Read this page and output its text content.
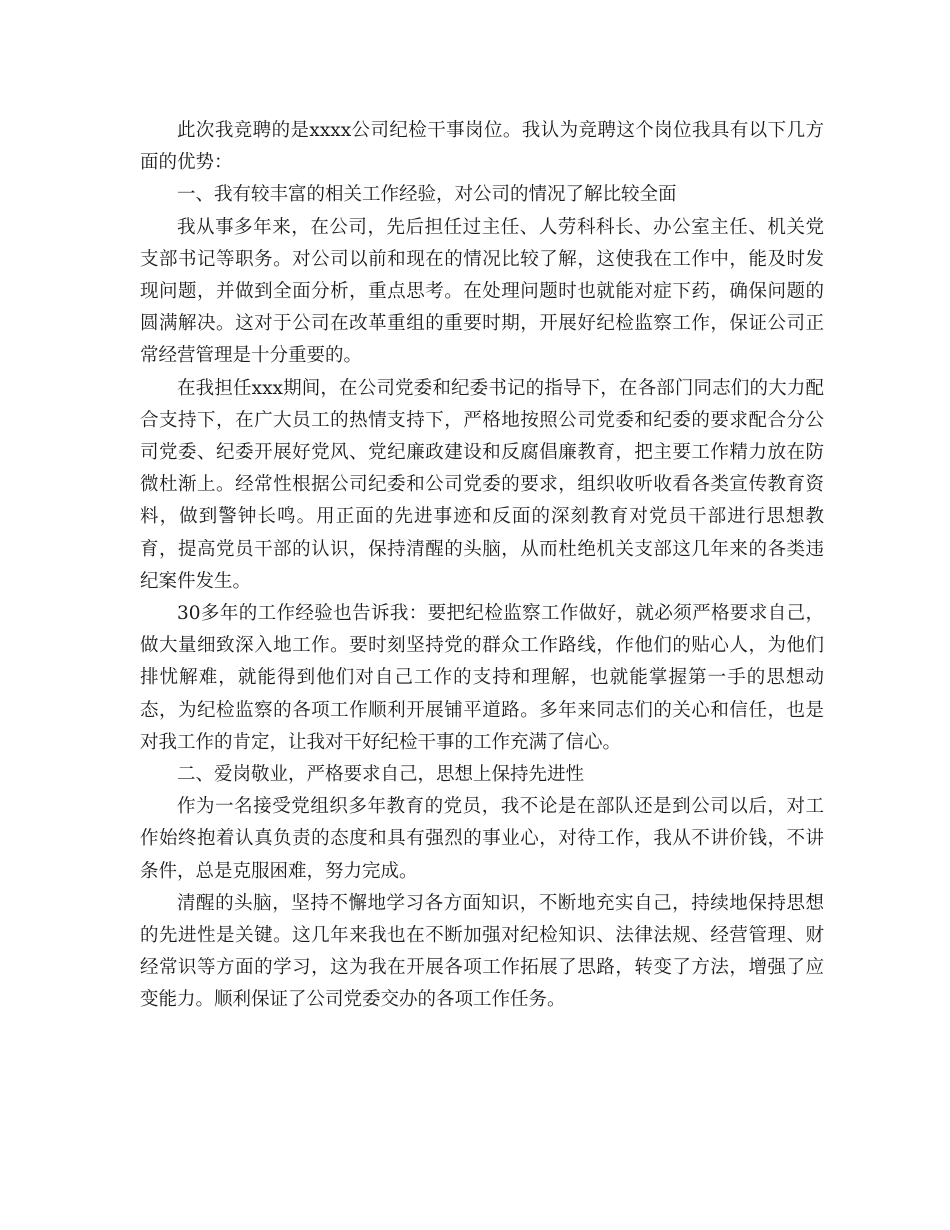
此次我竞聘的是xxxx公司纪检干事岗位。我认为竞聘这个岗位我具有以下几方面的优势：

一、我有较丰富的相关工作经验，对公司的情况了解比较全面

我从事多年来，在公司，先后担任过主任、人劳科科长、办公室主任、机关党支部书记等职务。对公司以前和现在的情况比较了解，这使我在工作中，能及时发现问题，并做到全面分析，重点思考。在处理问题时也就能对症下药，确保问题的圆满解决。这对于公司在改革重组的重要时期，开展好纪检监察工作，保证公司正常经营管理是十分重要的。

在我担任xxx期间，在公司党委和纪委书记的指导下，在各部门同志们的大力配合支持下，在广大员工的热情支持下，严格地按照公司党委和纪委的要求配合分公司党委、纪委开展好党风、党纪廉政建设和反腐倡廉教育，把主要工作精力放在防微杜渐上。经常性根据公司纪委和公司党委的要求，组织收听收看各类宣传教育资料，做到警钟长鸣。用正面的先进事迹和反面的深刻教育对党员干部进行思想教育，提高党员干部的认识，保持清醒的头脑，从而杜绝机关支部这几年来的各类违纪案件发生。

30多年的工作经验也告诉我：要把纪检监察工作做好，就必须严格要求自己，做大量细致深入地工作。要时刻坚持党的群众工作路线，作他们的贴心人，为他们排忧解难，就能得到他们对自己工作的支持和理解，也就能掌握第一手的思想动态，为纪检监察的各项工作顺利开展铺平道路。多年来同志们的关心和信任，也是对我工作的肯定，让我对干好纪检干事的工作充满了信心。

二、爱岗敬业，严格要求自己，思想上保持先进性

作为一名接受党组织多年教育的党员，我不论是在部队还是到公司以后，对工作始终抱着认真负责的态度和具有强烈的事业心，对待工作，我从不讲价钱，不讲条件，总是克服困难，努力完成。

清醒的头脑，坚持不懈地学习各方面知识，不断地充实自己，持续地保持思想的先进性是关键。这几年来我也在不断加强对纪检知识、法律法规、经营管理、财经常识等方面的学习，这为我在开展各项工作拓展了思路，转变了方法，增强了应变能力。顺利保证了公司党委交办的各项工作任务。
